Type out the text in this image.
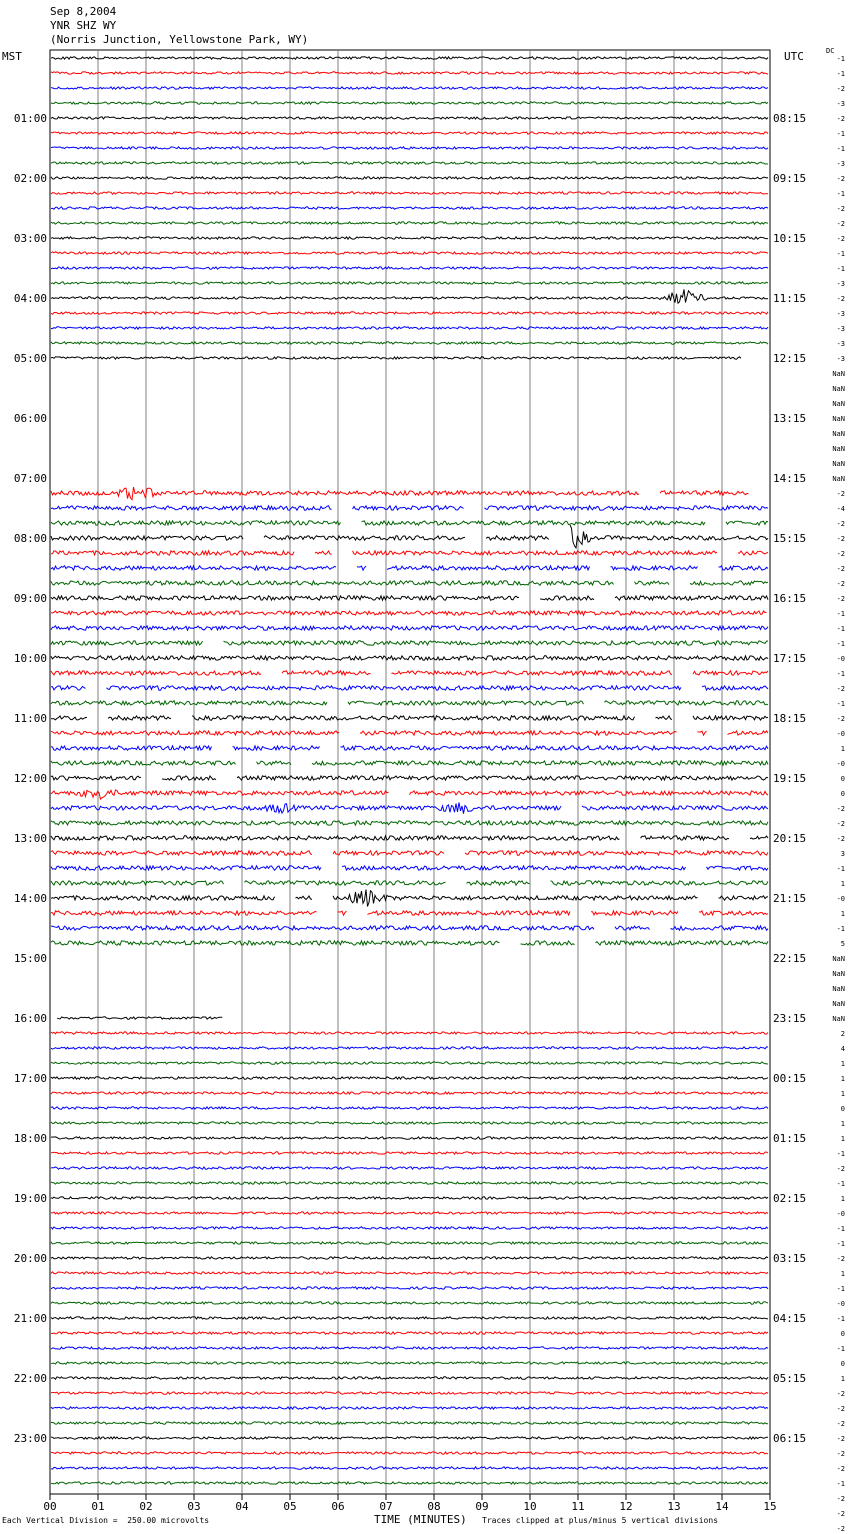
Sep 8,2004
YNR SHZ WY
(Norris Junction, Yellowstone Park, WY)
MST	UTC	DC
00	01	02	03	04	05	06	07	08	09	10	11	12	13	14	15
01:00
02:00
03:00
04:00
05:00
06:00
07:00
08:00
09:00
10:00
11:00
12:00
13:00
14:00
15:00
16:00
17:00
18:00
19:00
20:00
21:00
22:00
23:00
08:15
09:15
10:15
11:15
12:15
13:15
14:15
15:15
16:15
17:15
18:15
19:15
20:15
21:15
22:15
23:15
00:15
01:15
02:15
03:15
04:15
05:15
06:15
-1
-1
-2
-3
-2
-1
-1
-3
-2
-1
-2
-2
-2
-1
-1
-3
-2
-3
-3
-3
-3
NaN
NaN
NaN
NaN
NaN
NaN
NaN
NaN
-2
-4
-2
-2
-2
-2
-2
-2
-1
-1
-1
-0
-1
-2
-1
-2
-0
1
-0
0
0
-2
-2
-2
3
-1
1
-0
1
-1
5
NaN
NaN
NaN
NaN
NaN
2
4
1
1
1
0
1
1
-1
-2
-1
1
-0
-1
-1
-2
1
-1
-0
-1
0
-1
0
1
-2
-2
-2
-2
-2
-2
-1
-2
-2
-2
Each Vertical Division =  250.00 microvolts	TIME (MINUTES) Traces clipped at plus/minus 5 vertical divisions
